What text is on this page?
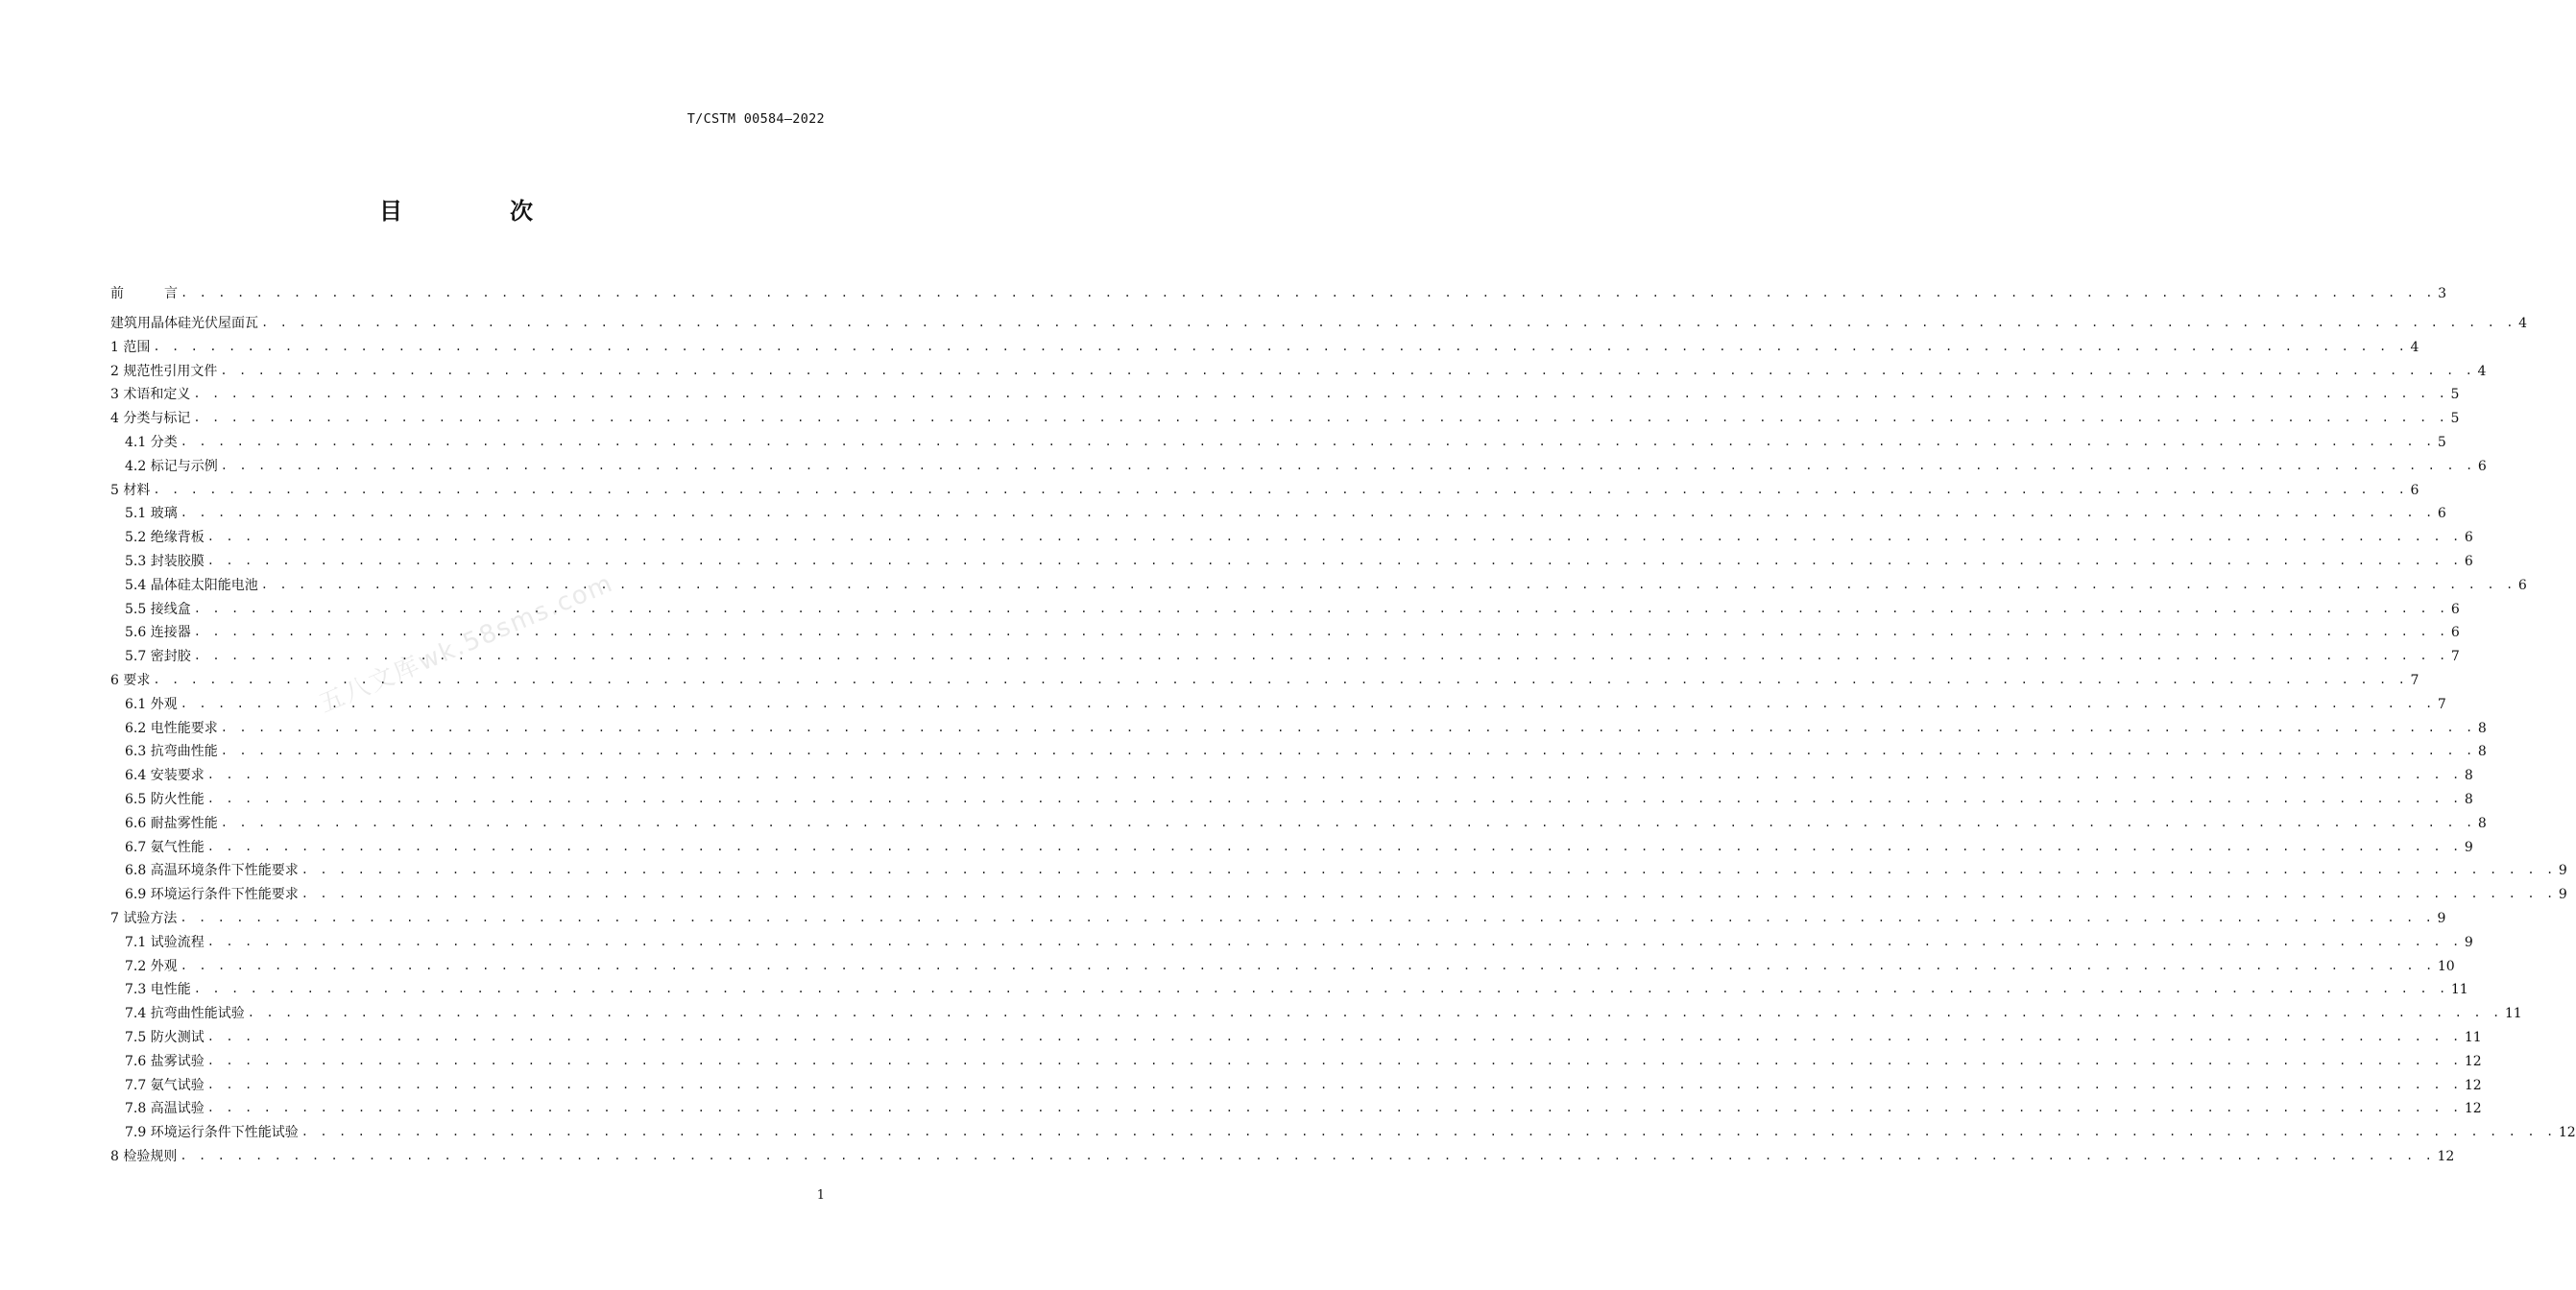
T/CSTM 00584—2022
目　次
五八文库wk.58sms.com
前　　　言 . . . . . . . . . . . . . . . . . . . . . . . . . . . . . . . . . . . . . . . . . . . . . . . . . . . . . . . . . . . . . . . . . . . . . . . . . . . . . . . . . . . . . . . . . . . . . . . . . . . . . . . . . . . . . . . . . . . . . . . . 3
建筑用晶体硅光伏屋面瓦 . . . . . . . . . . . . . . . . . . . . . . . . . . . . . . . . . . . . . . . . . . . . . . . . . . . . . . . . . . . . . . . . . . . . . . . . . . . . . . . . . . . . . . . . . . . . . . . . . . . . . . . . . . . . . . . . . . . . . . . . 4
1 范围 . . . . . . . . . . . . . . . . . . . . . . . . . . . . . . . . . . . . . . . . . . . . . . . . . . . . . . . . . . . . . . . . . . . . . . . . . . . . . . . . . . . . . . . . . . . . . . . . . . . . . . . . . . . . . . . . . . . . . . . . 4
2 规范性引用文件 . . . . . . . . . . . . . . . . . . . . . . . . . . . . . . . . . . . . . . . . . . . . . . . . . . . . . . . . . . . . . . . . . . . . . . . . . . . . . . . . . . . . . . . . . . . . . . . . . . . . . . . . . . . . . . . . . . . . . . . . 4
3 术语和定义 . . . . . . . . . . . . . . . . . . . . . . . . . . . . . . . . . . . . . . . . . . . . . . . . . . . . . . . . . . . . . . . . . . . . . . . . . . . . . . . . . . . . . . . . . . . . . . . . . . . . . . . . . . . . . . . . . . . . . . . . 5
4 分类与标记 . . . . . . . . . . . . . . . . . . . . . . . . . . . . . . . . . . . . . . . . . . . . . . . . . . . . . . . . . . . . . . . . . . . . . . . . . . . . . . . . . . . . . . . . . . . . . . . . . . . . . . . . . . . . . . . . . . . . . . . . 5
4.1 分类 . . . . . . . . . . . . . . . . . . . . . . . . . . . . . . . . . . . . . . . . . . . . . . . . . . . . . . . . . . . . . . . . . . . . . . . . . . . . . . . . . . . . . . . . . . . . . . . . . . . . . . . . . . . . . . . . . . . . . . . . 5
4.2 标记与示例 . . . . . . . . . . . . . . . . . . . . . . . . . . . . . . . . . . . . . . . . . . . . . . . . . . . . . . . . . . . . . . . . . . . . . . . . . . . . . . . . . . . . . . . . . . . . . . . . . . . . . . . . . . . . . . . . . . . . . . . . 6
5 材料 . . . . . . . . . . . . . . . . . . . . . . . . . . . . . . . . . . . . . . . . . . . . . . . . . . . . . . . . . . . . . . . . . . . . . . . . . . . . . . . . . . . . . . . . . . . . . . . . . . . . . . . . . . . . . . . . . . . . . . . . 6
5.1 玻璃 . . . . . . . . . . . . . . . . . . . . . . . . . . . . . . . . . . . . . . . . . . . . . . . . . . . . . . . . . . . . . . . . . . . . . . . . . . . . . . . . . . . . . . . . . . . . . . . . . . . . . . . . . . . . . . . . . . . . . . . . 6
5.2 绝缘背板 . . . . . . . . . . . . . . . . . . . . . . . . . . . . . . . . . . . . . . . . . . . . . . . . . . . . . . . . . . . . . . . . . . . . . . . . . . . . . . . . . . . . . . . . . . . . . . . . . . . . . . . . . . . . . . . . . . . . . . . . 6
5.3 封装胶膜 . . . . . . . . . . . . . . . . . . . . . . . . . . . . . . . . . . . . . . . . . . . . . . . . . . . . . . . . . . . . . . . . . . . . . . . . . . . . . . . . . . . . . . . . . . . . . . . . . . . . . . . . . . . . . . . . . . . . . . . . 6
5.4 晶体硅太阳能电池 . . . . . . . . . . . . . . . . . . . . . . . . . . . . . . . . . . . . . . . . . . . . . . . . . . . . . . . . . . . . . . . . . . . . . . . . . . . . . . . . . . . . . . . . . . . . . . . . . . . . . . . . . . . . . . . . . . . . . . . . 6
5.5 接线盒 . . . . . . . . . . . . . . . . . . . . . . . . . . . . . . . . . . . . . . . . . . . . . . . . . . . . . . . . . . . . . . . . . . . . . . . . . . . . . . . . . . . . . . . . . . . . . . . . . . . . . . . . . . . . . . . . . . . . . . . . 6
5.6 连接器 . . . . . . . . . . . . . . . . . . . . . . . . . . . . . . . . . . . . . . . . . . . . . . . . . . . . . . . . . . . . . . . . . . . . . . . . . . . . . . . . . . . . . . . . . . . . . . . . . . . . . . . . . . . . . . . . . . . . . . . . 6
5.7 密封胶 . . . . . . . . . . . . . . . . . . . . . . . . . . . . . . . . . . . . . . . . . . . . . . . . . . . . . . . . . . . . . . . . . . . . . . . . . . . . . . . . . . . . . . . . . . . . . . . . . . . . . . . . . . . . . . . . . . . . . . . . 7
6 要求 . . . . . . . . . . . . . . . . . . . . . . . . . . . . . . . . . . . . . . . . . . . . . . . . . . . . . . . . . . . . . . . . . . . . . . . . . . . . . . . . . . . . . . . . . . . . . . . . . . . . . . . . . . . . . . . . . . . . . . . . 7
6.1 外观 . . . . . . . . . . . . . . . . . . . . . . . . . . . . . . . . . . . . . . . . . . . . . . . . . . . . . . . . . . . . . . . . . . . . . . . . . . . . . . . . . . . . . . . . . . . . . . . . . . . . . . . . . . . . . . . . . . . . . . . . 7
6.2 电性能要求 . . . . . . . . . . . . . . . . . . . . . . . . . . . . . . . . . . . . . . . . . . . . . . . . . . . . . . . . . . . . . . . . . . . . . . . . . . . . . . . . . . . . . . . . . . . . . . . . . . . . . . . . . . . . . . . . . . . . . . . . 8
6.3 抗弯曲性能 . . . . . . . . . . . . . . . . . . . . . . . . . . . . . . . . . . . . . . . . . . . . . . . . . . . . . . . . . . . . . . . . . . . . . . . . . . . . . . . . . . . . . . . . . . . . . . . . . . . . . . . . . . . . . . . . . . . . . . . . 8
6.4 安装要求 . . . . . . . . . . . . . . . . . . . . . . . . . . . . . . . . . . . . . . . . . . . . . . . . . . . . . . . . . . . . . . . . . . . . . . . . . . . . . . . . . . . . . . . . . . . . . . . . . . . . . . . . . . . . . . . . . . . . . . . . 8
6.5 防火性能 . . . . . . . . . . . . . . . . . . . . . . . . . . . . . . . . . . . . . . . . . . . . . . . . . . . . . . . . . . . . . . . . . . . . . . . . . . . . . . . . . . . . . . . . . . . . . . . . . . . . . . . . . . . . . . . . . . . . . . . . 8
6.6 耐盐雾性能 . . . . . . . . . . . . . . . . . . . . . . . . . . . . . . . . . . . . . . . . . . . . . . . . . . . . . . . . . . . . . . . . . . . . . . . . . . . . . . . . . . . . . . . . . . . . . . . . . . . . . . . . . . . . . . . . . . . . . . . . 8
6.7 氨气性能 . . . . . . . . . . . . . . . . . . . . . . . . . . . . . . . . . . . . . . . . . . . . . . . . . . . . . . . . . . . . . . . . . . . . . . . . . . . . . . . . . . . . . . . . . . . . . . . . . . . . . . . . . . . . . . . . . . . . . . . . 9
6.8 高温环境条件下性能要求 . . . . . . . . . . . . . . . . . . . . . . . . . . . . . . . . . . . . . . . . . . . . . . . . . . . . . . . . . . . . . . . . . . . . . . . . . . . . . . . . . . . . . . . . . . . . . . . . . . . . . . . . . . . . . . . . . . . . . . . . 9
6.9 环境运行条件下性能要求 . . . . . . . . . . . . . . . . . . . . . . . . . . . . . . . . . . . . . . . . . . . . . . . . . . . . . . . . . . . . . . . . . . . . . . . . . . . . . . . . . . . . . . . . . . . . . . . . . . . . . . . . . . . . . . . . . . . . . . . . 9
7 试验方法 . . . . . . . . . . . . . . . . . . . . . . . . . . . . . . . . . . . . . . . . . . . . . . . . . . . . . . . . . . . . . . . . . . . . . . . . . . . . . . . . . . . . . . . . . . . . . . . . . . . . . . . . . . . . . . . . . . . . . . . . 9
7.1 试验流程 . . . . . . . . . . . . . . . . . . . . . . . . . . . . . . . . . . . . . . . . . . . . . . . . . . . . . . . . . . . . . . . . . . . . . . . . . . . . . . . . . . . . . . . . . . . . . . . . . . . . . . . . . . . . . . . . . . . . . . . . 9
7.2 外观 . . . . . . . . . . . . . . . . . . . . . . . . . . . . . . . . . . . . . . . . . . . . . . . . . . . . . . . . . . . . . . . . . . . . . . . . . . . . . . . . . . . . . . . . . . . . . . . . . . . . . . . . . . . . . . . . . . . . . . . . 10
7.3 电性能 . . . . . . . . . . . . . . . . . . . . . . . . . . . . . . . . . . . . . . . . . . . . . . . . . . . . . . . . . . . . . . . . . . . . . . . . . . . . . . . . . . . . . . . . . . . . . . . . . . . . . . . . . . . . . . . . . . . . . . . . 11
7.4 抗弯曲性能试验 . . . . . . . . . . . . . . . . . . . . . . . . . . . . . . . . . . . . . . . . . . . . . . . . . . . . . . . . . . . . . . . . . . . . . . . . . . . . . . . . . . . . . . . . . . . . . . . . . . . . . . . . . . . . . . . . . . . . . . . . 11
7.5 防火测试 . . . . . . . . . . . . . . . . . . . . . . . . . . . . . . . . . . . . . . . . . . . . . . . . . . . . . . . . . . . . . . . . . . . . . . . . . . . . . . . . . . . . . . . . . . . . . . . . . . . . . . . . . . . . . . . . . . . . . . . . 11
7.6 盐雾试验 . . . . . . . . . . . . . . . . . . . . . . . . . . . . . . . . . . . . . . . . . . . . . . . . . . . . . . . . . . . . . . . . . . . . . . . . . . . . . . . . . . . . . . . . . . . . . . . . . . . . . . . . . . . . . . . . . . . . . . . . 12
7.7 氨气试验 . . . . . . . . . . . . . . . . . . . . . . . . . . . . . . . . . . . . . . . . . . . . . . . . . . . . . . . . . . . . . . . . . . . . . . . . . . . . . . . . . . . . . . . . . . . . . . . . . . . . . . . . . . . . . . . . . . . . . . . . 12
7.8 高温试验 . . . . . . . . . . . . . . . . . . . . . . . . . . . . . . . . . . . . . . . . . . . . . . . . . . . . . . . . . . . . . . . . . . . . . . . . . . . . . . . . . . . . . . . . . . . . . . . . . . . . . . . . . . . . . . . . . . . . . . . . 12
7.9 环境运行条件下性能试验 . . . . . . . . . . . . . . . . . . . . . . . . . . . . . . . . . . . . . . . . . . . . . . . . . . . . . . . . . . . . . . . . . . . . . . . . . . . . . . . . . . . . . . . . . . . . . . . . . . . . . . . . . . . . . . . . . . . . . . . . 12
8 检验规则 . . . . . . . . . . . . . . . . . . . . . . . . . . . . . . . . . . . . . . . . . . . . . . . . . . . . . . . . . . . . . . . . . . . . . . . . . . . . . . . . . . . . . . . . . . . . . . . . . . . . . . . . . . . . . . . . . . . . . . . . 12
1
